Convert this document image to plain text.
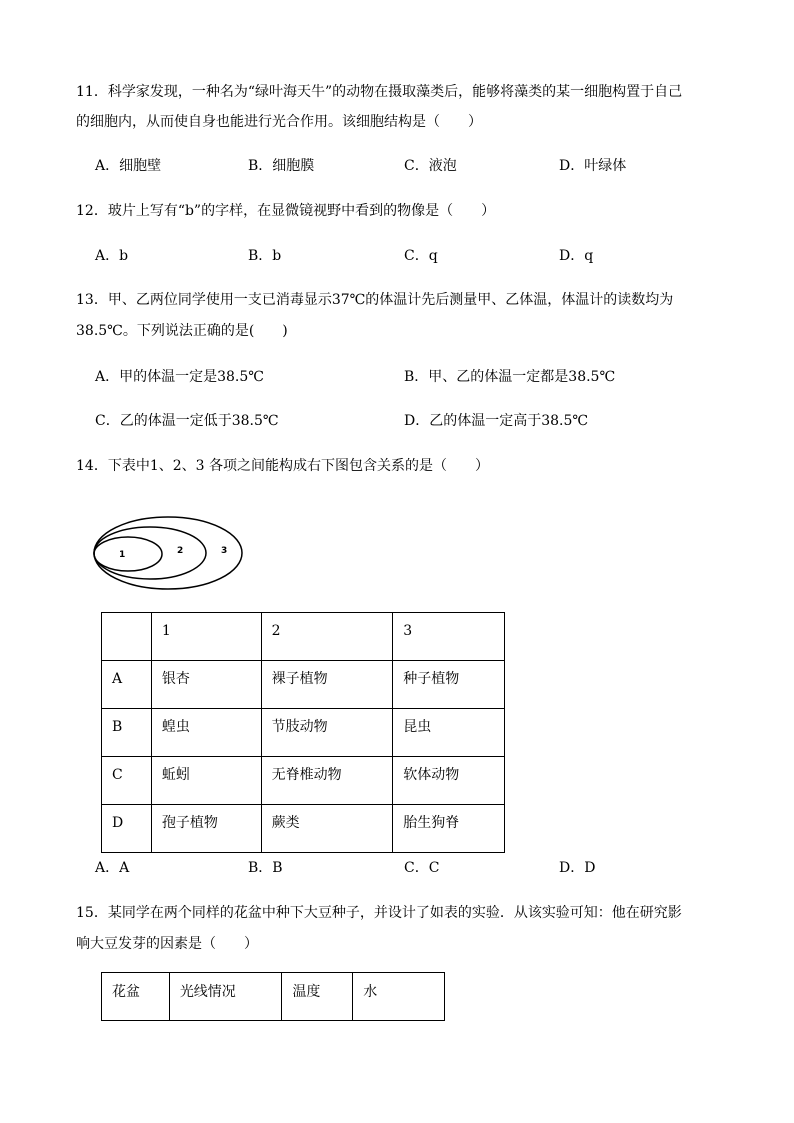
11．科学家发现，一种名为“绿叶海天牛”的动物在摄取藻类后，能够将藻类的某一细胞构置于自己
的细胞内，从而使自身也能进行光合作用。该细胞结构是（　　）
A．细胞壁	B．细胞膜	C．液泡	D．叶绿体
12．玻片上写有“b”的字样，在显微镜视野中看到的物像是（　　）
A．b	B．b	C．q	D．q
13．甲、乙两位同学使用一支已消毒显示37℃的体温计先后测量甲、乙体温，体温计的读数均为
38.5℃。下列说法正确的是(　　)
A．甲的体温一定是38.5℃	B．甲、乙的体温一定都是38.5℃
C．乙的体温一定低于38.5℃	D．乙的体温一定高于38.5℃
14．下表中1、2、3 各项之间能构成右下图包含关系的是（　　）
1	2	3
	1	2	3
A	银杏	裸子植物	种子植物
B	蝗虫	节肢动物	昆虫
C	蚯蚓	无脊椎动物	软体动物
D	孢子植物	蕨类	胎生狗脊
A．A	B．B	C．C	D．D
15．某同学在两个同样的花盆中种下大豆种子，并设计了如表的实验．从该实验可知：他在研究影
响大豆发芽的因素是（　　）
花盆	光线情况	温度	水
